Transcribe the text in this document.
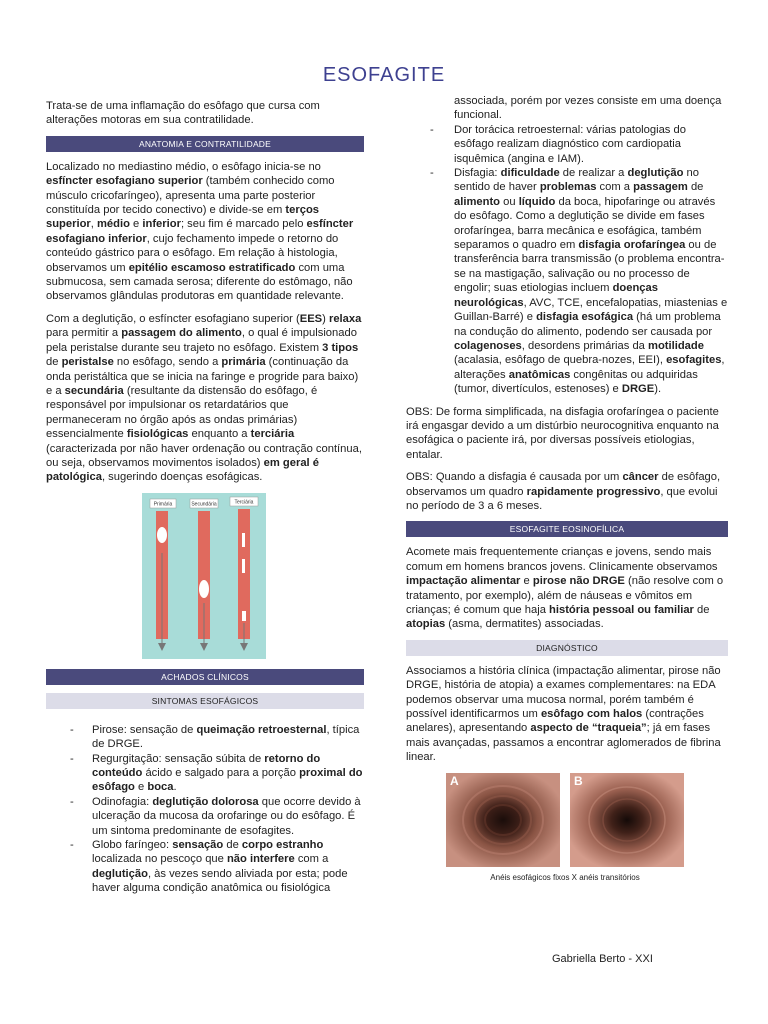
ESOFAGITE

Trata-se de uma inflamação do esôfago que cursa com alterações motoras em sua contratilidade.

ANATOMIA E CONTRATILIDADE

Localizado no mediastino médio, o esôfago inicia-se no esfíncter esofagiano superior (também conhecido como músculo cricofaríngeo), apresenta uma parte posterior constituída por tecido conectivo) e divide-se em terços superior, médio e inferior; seu fim é marcado pelo esfíncter esofagiano inferior, cujo fechamento impede o retorno do conteúdo gástrico para o esôfago. Em relação à histologia, observamos um epitélio escamoso estratificado com uma submucosa, sem camada serosa; diferente do estômago, não observamos glândulas produtoras em quantidade relevante.

Com a deglutição, o esfíncter esofagiano superior (EES) relaxa para permitir a passagem do alimento, o qual é impulsionado pela peristalse durante seu trajeto no esôfago. Existem 3 tipos de peristalse no esôfago, sendo a primária (continuação da onda peristáltica que se inicia na faringe e progride para baixo) e a secundária (resultante da distensão do esôfago, é responsável por impulsionar os retardatários que permaneceram no órgão após as ondas primárias) essencialmente fisiológicas enquanto a terciária (caracterizada por não haver ordenação ou contração contínua, ou seja, observamos movimentos isolados) em geral é patológica, sugerindo doenças esofágicas.

Primária	Secundária	Terciária
ACHADOS CLÍNICOS
SINTOMAS ESOFÁGICOS
- Pirose: sensação de queimação retroesternal, típica de DRGE.
- Regurgitação: sensação súbita de retorno do conteúdo ácido e salgado para a porção proximal do esôfago e boca.
- Odinofagia: deglutição dolorosa que ocorre devido à ulceração da mucosa da orofaringe ou do esôfago. É um sintoma predominante de esofagites.
- Globo faríngeo: sensação de corpo estranho localizada no pescoço que não interfere com a deglutição, às vezes sendo aliviada por esta; pode haver alguma condição anatômica ou fisiológica
associada, porém por vezes consiste em uma doença funcional.
- Dor torácica retroesternal: várias patologias do esôfago realizam diagnóstico com cardiopatia isquêmica (angina e IAM).
- Disfagia: dificuldade de realizar a deglutição no sentido de haver problemas com a passagem de alimento ou líquido da boca, hipofaringe ou através do esôfago. Como a deglutição se divide em fases orofaríngea, barra mecânica e esofágica, também separamos o quadro em disfagia orofaríngea ou de transferência barra transmissão (o problema encontra-se na mastigação, salivação ou no processo de engolir; suas etiologias incluem doenças neurológicas, AVC, TCE, encefalopatias, miastenias e Guillan-Barré) e disfagia esofágica (há um problema na condução do alimento, podendo ser causada por colagenoses, desordens primárias da motilidade (acalasia, esôfago de quebra-nozes, EEI), esofagites, alterações anatômicas congênitas ou adquiridas (tumor, divertículos, estenoses) e DRGE).

OBS: De forma simplificada, na disfagia orofaríngea o paciente irá engasgar devido a um distúrbio neurocognitiva enquanto na esofágica o paciente irá, por diversas possíveis etiologias, entalar.

OBS: Quando a disfagia é causada por um câncer de esôfago, observamos um quadro rapidamente progressivo, que evolui no período de 3 a 6 meses.

ESOFAGITE EOSINOFÍLICA

Acomete mais frequentemente crianças e jovens, sendo mais comum em homens brancos jovens. Clinicamente observamos impactação alimentar e pirose não DRGE (não resolve com o tratamento, por exemplo), além de náuseas e vômitos em crianças; é comum que haja história pessoal ou familiar de atopias (asma, dermatites) associadas.

DIAGNÓSTICO

Associamos a história clínica (impactação alimentar, pirose não DRGE, história de atopia) a exames complementares: na EDA podemos observar uma mucosa normal, porém também é possível identificarmos um esôfago com halos (contrações anelares), apresentando aspecto de “traqueia”; já em fases mais avançadas, passamos a encontrar aglomerados de fibrina linear.

A	B
Anéis esofágicos fixos X anéis transitórios
Gabriella Berto - XXI
